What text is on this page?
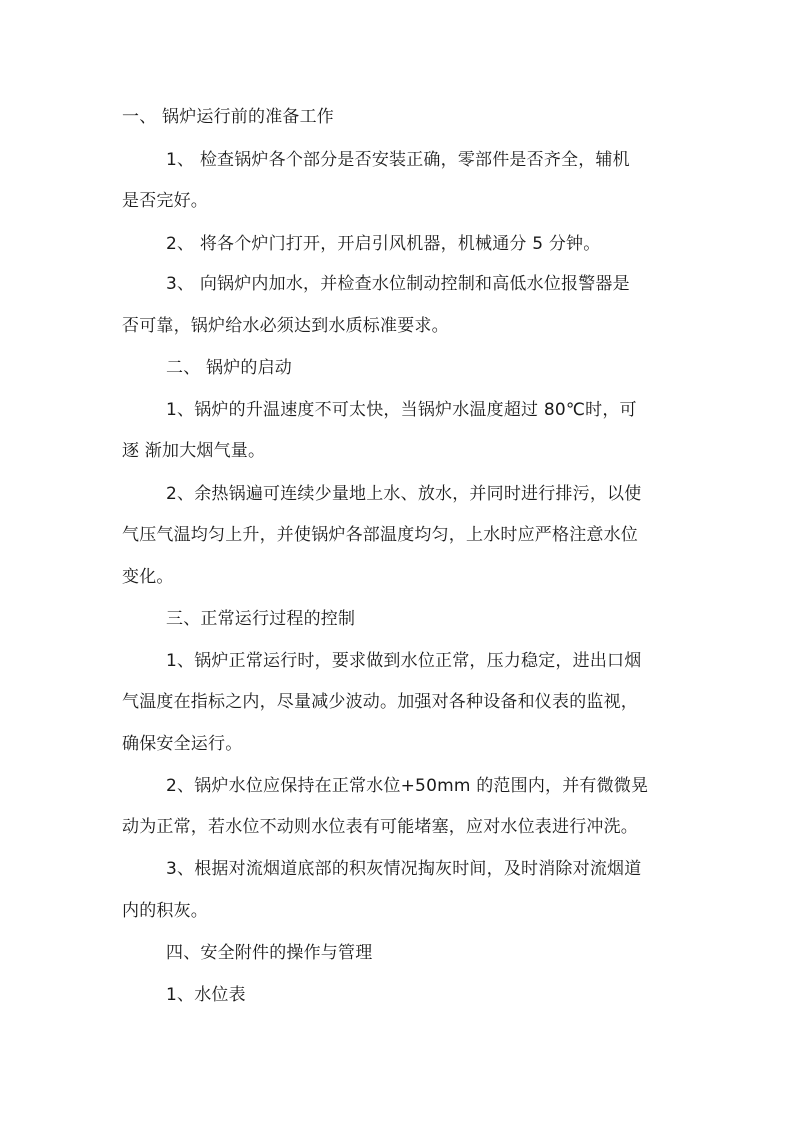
一、 锅炉运行前的准备工作
1、 检查锅炉各个部分是否安装正确，零部件是否齐全，辅机
是否完好。
2、 将各个炉门打开，开启引风机器，机械通分 5 分钟。
3、 向锅炉内加水，并检查水位制动控制和高低水位报警器是
否可靠，锅炉给水必须达到水质标准要求。
二、 锅炉的启动
1、锅炉的升温速度不可太快，当锅炉水温度超过 80℃时，可
逐 渐加大烟气量。
2、余热锅遍可连续少量地上水、放水，并同时进行排污，以使
气压气温均匀上升，并使锅炉各部温度均匀，上水时应严格注意水位
变化。
三、正常运行过程的控制
1、锅炉正常运行时，要求做到水位正常，压力稳定，进出口烟
气温度在指标之内，尽量减少波动。加强对各种设备和仪表的监视，
确保安全运行。
2、锅炉水位应保持在正常水位+50mm 的范围内，并有微微晃
动为正常，若水位不动则水位表有可能堵塞，应对水位表进行冲洗。
3、根据对流烟道底部的积灰情况掏灰时间，及时消除对流烟道
内的积灰。
四、安全附件的操作与管理
1、水位表
